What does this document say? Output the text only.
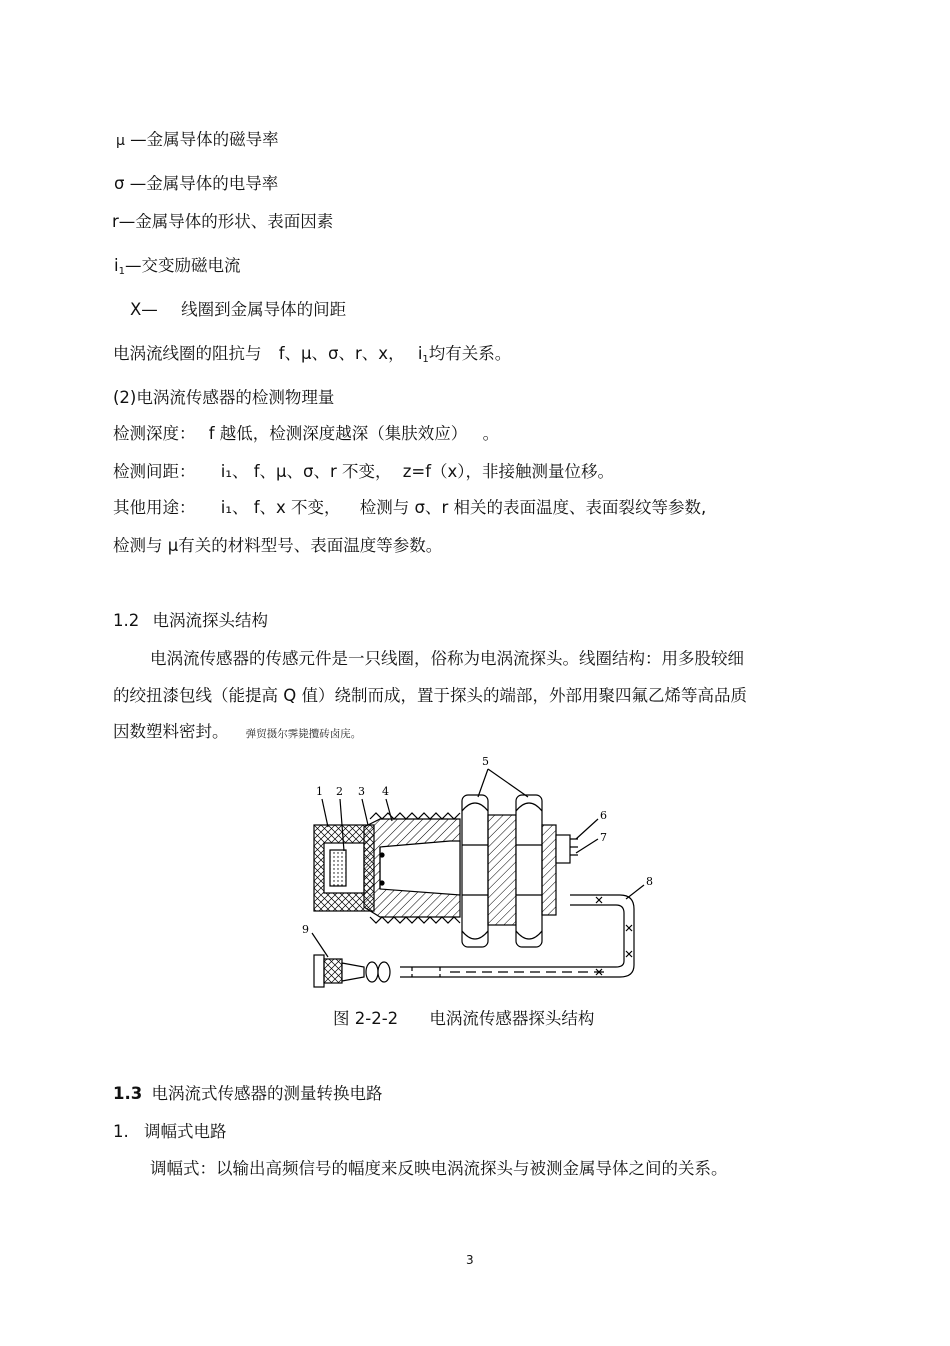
μ —金属导体的磁导率
σ —金属导体的电导率
r—金属导体的形状、表面因素
$i_1—$交变励磁电流
X— 线圈到金属导体的间距
电涡流线圈的阻抗与 f、μ、σ、r、x， $i_1$均有关系。
(2)电涡流传感器的检测物理量
检测深度： f 越低，检测深度越深（集肤效应） 。
检测间距： i₁、 f、μ、σ、r 不变， z=f（x），非接触测量位移。
其他用途： i₁、 f、x 不变， 检测与 σ、r 相关的表面温度、表面裂纹等参数,
检测与 μ有关的材料型号、表面温度等参数。
1.2 电涡流探头结构
电涡流传感器的传感元件是一只线圈，俗称为电涡流探头。线圈结构：用多股较细
的绞扭漆包线（能提高 Q 值）绕制而成，置于探头的端部，外部用聚四氟乙烯等高品质
因数塑料密封。 弹贸摄尔霁毙攬砖卤庑。
1 2 3 4
5
6
7
8
9
图 2-2-2 电涡流传感器探头结构
1.3 电涡流式传感器的测量转换电路
1. 调幅式电路
调幅式：以输出高频信号的幅度来反映电涡流探头与被测金属导体之间的关系。
3
